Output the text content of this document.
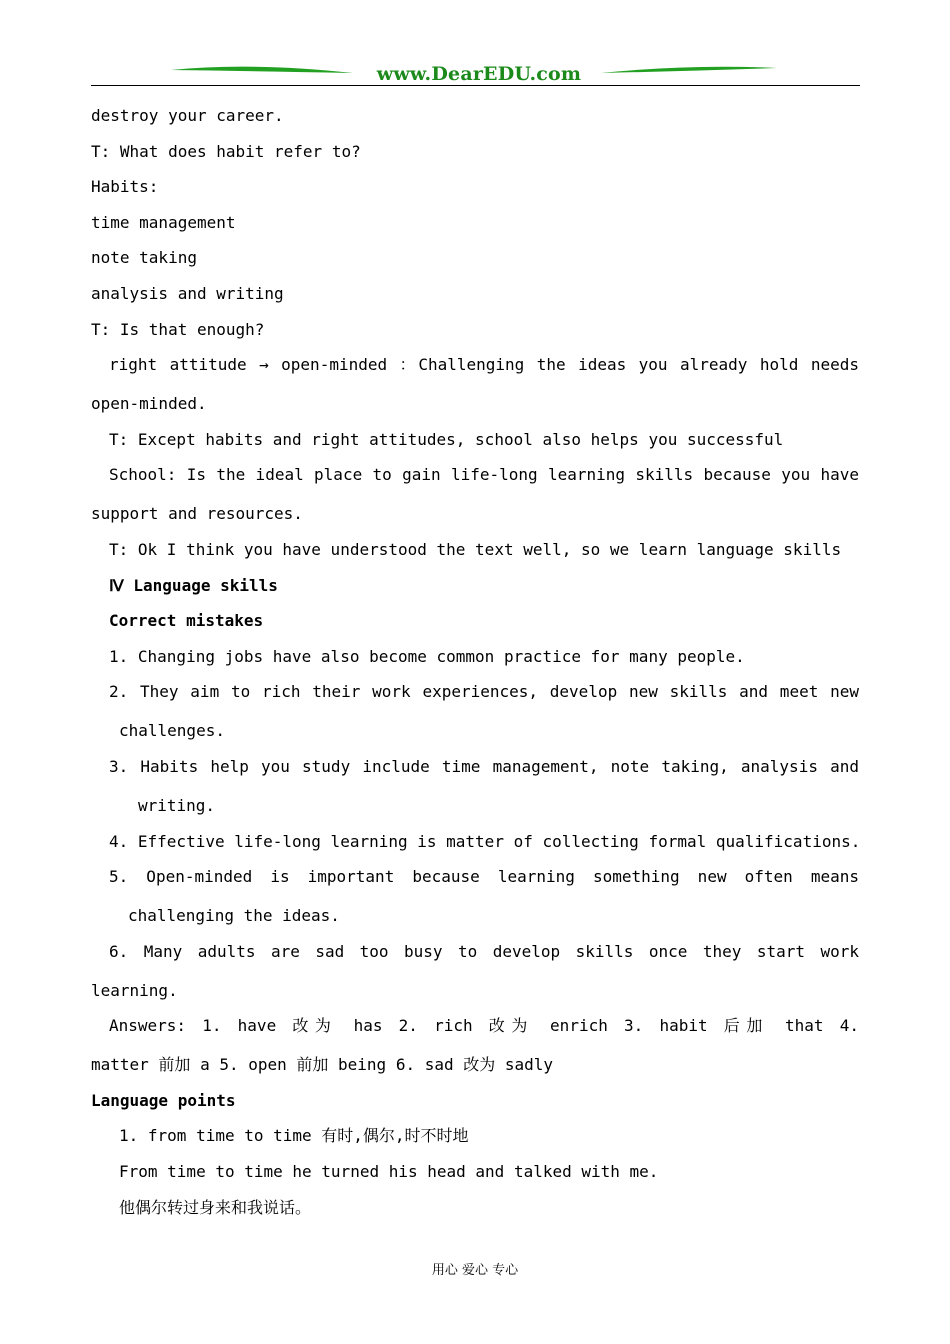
www.DearEDU.com
destroy your career.
T: What does habit refer to?
Habits:
time management
note taking
analysis and writing
T: Is that enough?
right attitude → open-minded ：Challenging the ideas you already hold needs
open-minded.
T: Except habits and right attitudes, school also helps you successful
School: Is the ideal place to gain life-long learning skills because you have
support and resources.
T: Ok I think you have understood the text well, so we learn language skills
Ⅳ Language skills
Correct mistakes
1. Changing jobs have also become common practice for many people.
2. They aim to rich their work experiences, develop new skills and meet new
challenges.
3. Habits help you study include time management, note taking, analysis and
writing.
4. Effective life-long learning is matter of collecting formal qualifications.
5. Open-minded is important because learning something new often means
challenging the ideas.
6. Many adults are sad too busy to develop skills once they start work
learning.
Answers: 1. have 改为 has 2. rich 改为 enrich 3. habit 后加 that 4.
matter 前加 a 5. open 前加 being 6. sad 改为 sadly
Language points
1. from time to time 有时,偶尔,时不时地
From time to time he turned his head and talked with me.
他偶尔转过身来和我说话。
用心 爱心 专心
